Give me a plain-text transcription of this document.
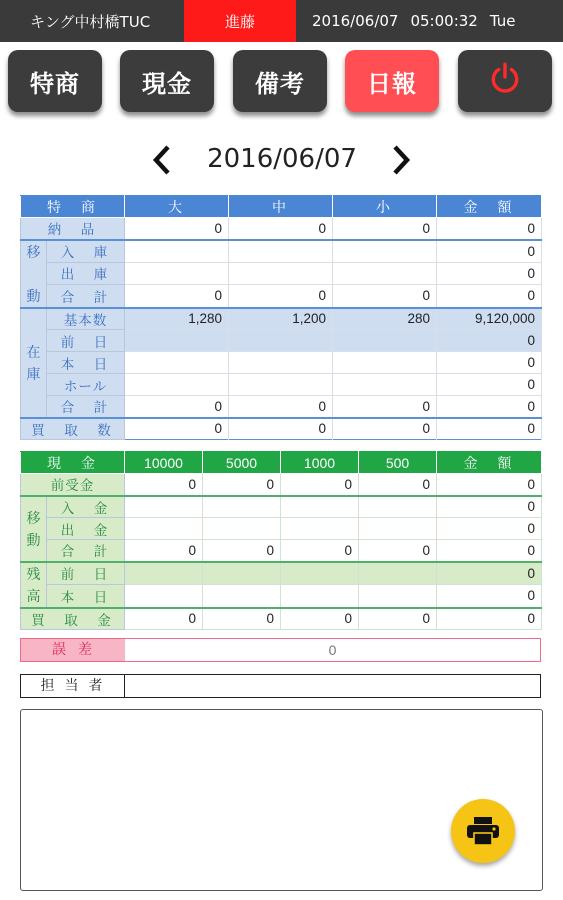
キング中村橋TUC	進藤	2016/06/07 05:00:32 Tue
特商	現金	備考	日報
2016/06/07
特　商		大	中	小	金　額
納　品		0	0	0	0
移

動	入　庫				0
	出　庫				0
	合　計	0	0	0	0
在
庫	基本数	1,280	1,200	280	9,120,000
	前　日				0
	本　日				0
	ホール				0
	合　計	0	0	0	0
買　取　数		0	0	0	0
現　金		10000	5000	1000	500	金　額
前受金		0	0	0	0	0
移
動	入　金					0
	出　金					0
	合　計	0	0	0	0	0
残
高	前　日					0
	本　日					0
買　取　金		0	0	0	0	0
誤差	0
担当者
